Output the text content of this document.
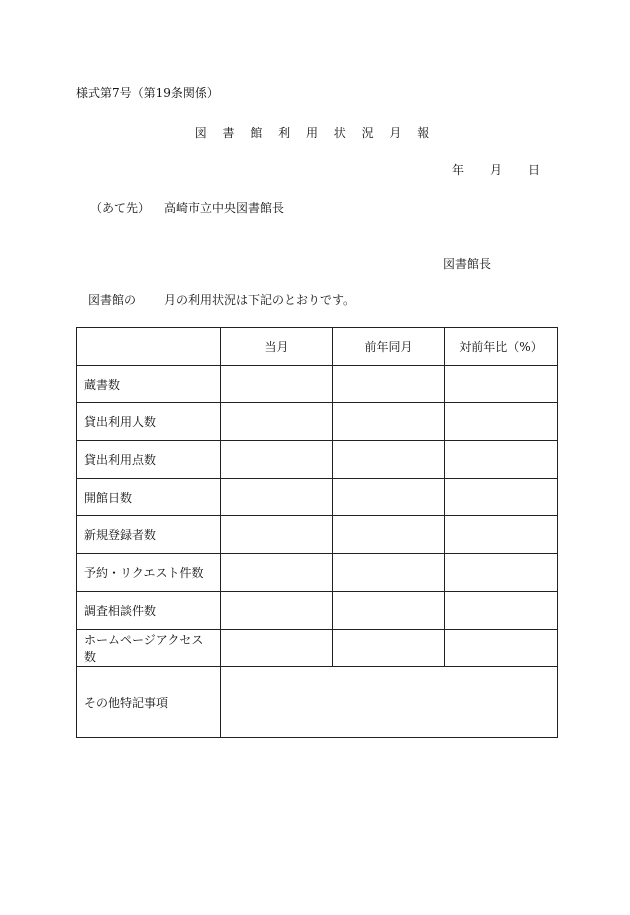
様式第7号（第19条関係）
図 書 館 利 用 状 況 月 報
年 月 日
（あて先） 高崎市立中央図書館長
図書館長
図書館の 月の利用状況は下記のとおりです。
	当月	前年同月	対前年比（%）
蔵書数			
貸出利用人数			
貸出利用点数			
開館日数			
新規登録者数			
予約・リクエスト件数			
調査相談件数			
ホームページアクセス数			
その他特記事項			
